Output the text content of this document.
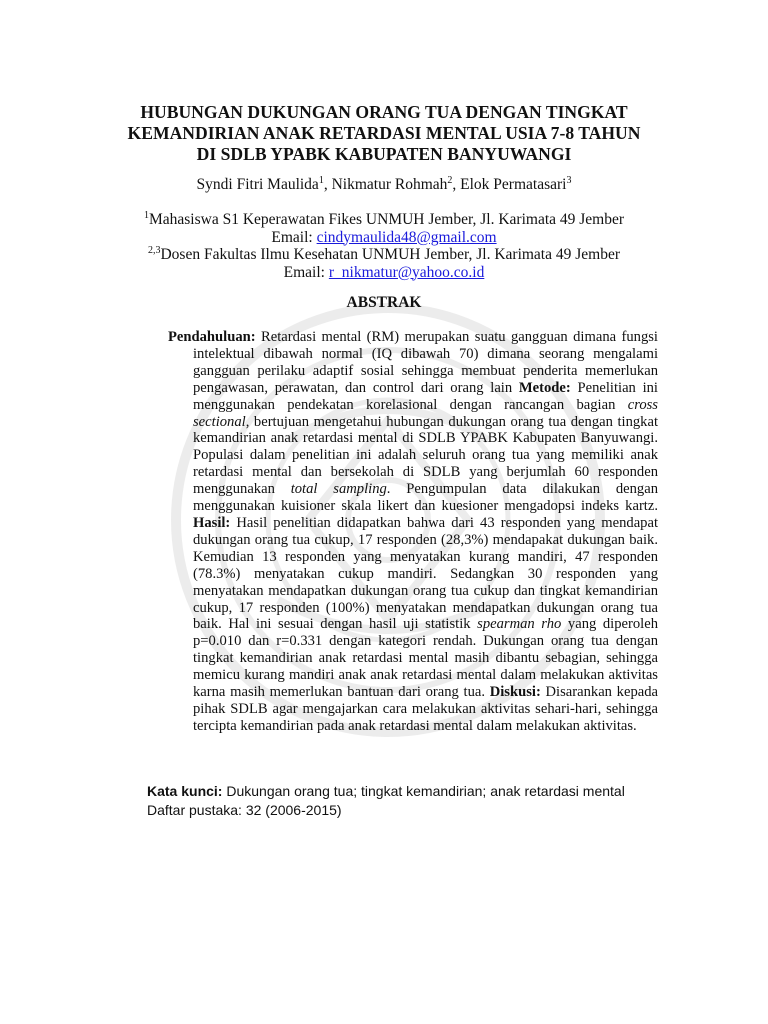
HUBUNGAN DUKUNGAN ORANG TUA DENGAN TINGKAT
KEMANDIRIAN ANAK RETARDASI MENTAL USIA 7-8 TAHUN
DI SDLB YPABK KABUPATEN BANYUWANGI
Syndi Fitri Maulida$^1$, Nikmatur Rohmah$^2$, Elok Permatasari$^3$
$^1$Mahasiswa S1 Keperawatan Fikes UNMUH Jember, Jl. Karimata 49 Jember
Email: cindymaulida48@gmail.com
$^{2,3}$Dosen Fakultas Ilmu Kesehatan UNMUH Jember, Jl. Karimata 49 Jember
Email: r_nikmatur@yahoo.co.id
ABSTRAK

Pendahuluan: Retardasi mental (RM) merupakan suatu gangguan dimana fungsi intelektual dibawah normal (IQ dibawah 70) dimana seorang mengalami gangguan perilaku adaptif sosial sehingga membuat penderita memerlukan pengawasan, perawatan, dan control dari orang lain Metode: Penelitian ini menggunakan pendekatan korelasional dengan rancangan bagian cross sectional, bertujuan mengetahui hubungan dukungan orang tua dengan tingkat kemandirian anak retardasi mental di SDLB YPABK Kabupaten Banyuwangi. Populasi dalam penelitian ini adalah seluruh orang tua yang memiliki anak retardasi mental dan bersekolah di SDLB yang berjumlah 60 responden menggunakan total sampling. Pengumpulan data dilakukan dengan menggunakan kuisioner skala likert dan kuesioner mengadopsi indeks kartz. Hasil: Hasil penelitian didapatkan bahwa dari 43 responden yang mendapat dukungan orang tua cukup, 17 responden (28,3%) mendapakat dukungan baik. Kemudian 13 responden yang menyatakan kurang mandiri, 47 responden (78.3%) menyatakan cukup mandiri. Sedangkan 30 responden yang menyatakan mendapatkan dukungan orang tua cukup dan tingkat kemandirian cukup, 17 responden (100%) menyatakan mendapatkan dukungan orang tua baik. Hal ini sesuai dengan hasil uji statistik spearman rho yang diperoleh p=0.010 dan r=0.331 dengan kategori rendah. Dukungan orang tua dengan tingkat kemandirian anak retardasi mental masih dibantu sebagian, sehingga memicu kurang mandiri anak anak retardasi mental dalam melakukan aktivitas karna masih memerlukan bantuan dari orang tua. Diskusi: Disarankan kepada pihak SDLB agar mengajarkan cara melakukan aktivitas sehari-hari, sehingga tercipta kemandirian pada anak retardasi mental dalam melakukan aktivitas.

Kata kunci: Dukungan orang tua; tingkat kemandirian; anak retardasi mental
Daftar pustaka: 32 (2006-2015)
